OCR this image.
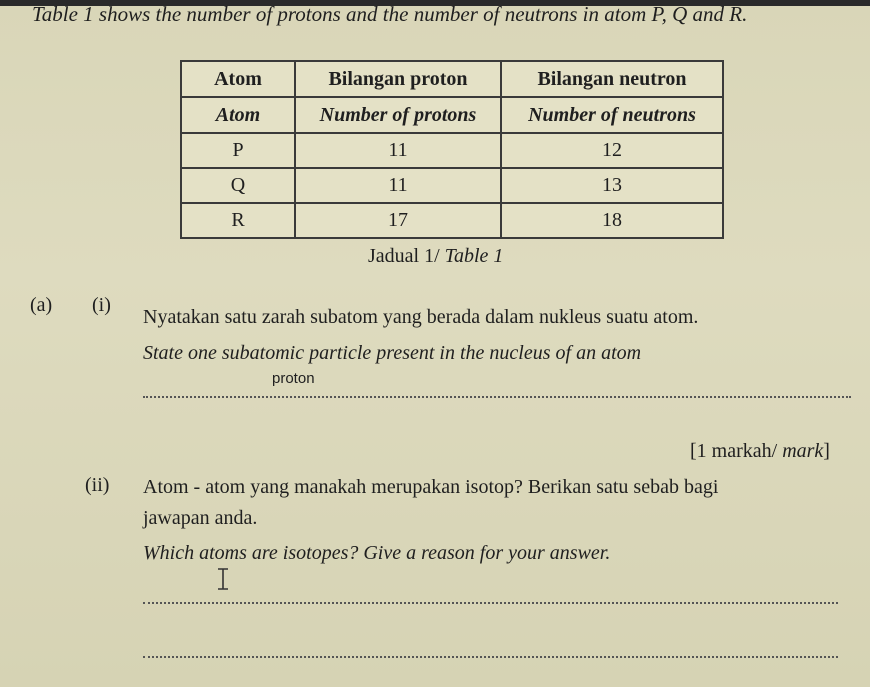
Table 1 shows the number of protons and the number of neutrons in atom P, Q and R.
Atom	Bilangan proton	Bilangan neutron
Atom	Number of protons	Number of neutrons
P	11	12
Q	11	13
R	17	18
Jadual 1/ Table 1
(a) (i)
Nyatakan satu zarah subatom yang berada dalam nukleus suatu atom.
State one subatomic particle present in the nucleus of an atom
proton
[1 markah/ mark]
(ii) Atom - atom yang manakah merupakan isotop? Berikan satu sebab bagi
jawapan anda.
Which atoms are isotopes? Give a reason for your answer.
